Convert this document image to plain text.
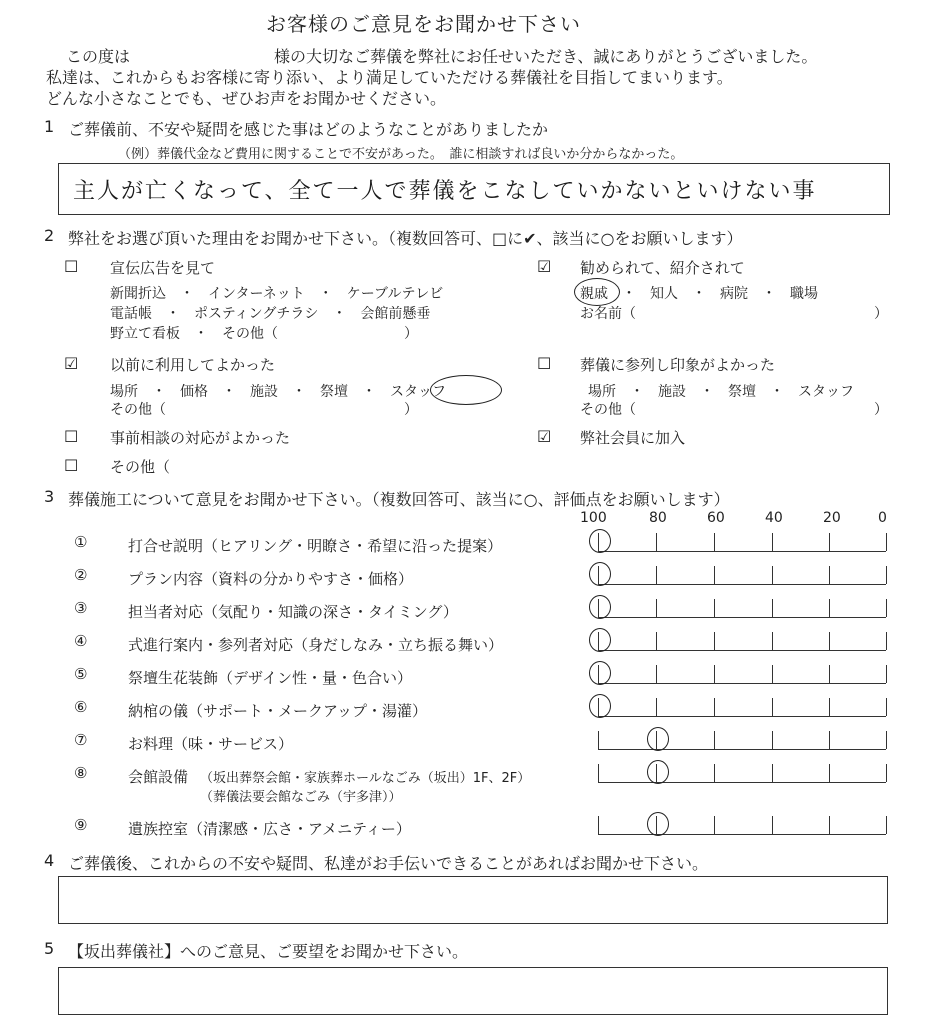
お客様のご意見をお聞かせ下さい
この度は　　　　　　　　　様の大切なご葬儀を弊社にお任せいただき、誠にありがとうございました。
私達は、これからもお客様に寄り添い、より満足していただける葬儀社を目指してまいります。
どんな小さなことでも、ぜひお声をお聞かせください。
1 ご葬儀前、不安や疑問を感じた事はどのようなことがありましたか
（例）葬儀代金など費用に関することで不安があった。　誰に相談すれば良いか分からなかった。
主人が亡くなって、全て一人で葬儀をこなしていかないといけない事
2 弊社をお選び頂いた理由をお聞かせ下さい。（複数回答可、□に✔、該当に○をお願いします）
☐ 宣伝広告を見て
新聞折込　・　インターネット　・　ケーブルテレビ
電話帳　・　ポスティングチラシ　・　会館前懸垂
野立て看板　・　その他（　　　　　　　　　）
☑ 以前に利用してよかった
場所　・　価格　・　施設　・　祭壇　・　スタッフ
その他（　　　　　　　　　　　　　　　　　）
☐ 事前相談の対応がよかった
☐ その他（
☑ 勧められて、紹介されて
親戚　・　知人　・　病院　・　職場
お名前（　　　　　　　　　　　　　　　　　）
☐ 葬儀に参列し印象がよかった
場所　・　施設　・　祭壇　・　スタッフ
その他（　　　　　　　　　　　　　　　　　）
☑ 弊社会員に加入
3 葬儀施工について意見をお聞かせ下さい。（複数回答可、該当に○、評価点をお願いします）
100	80	60	40	20	0
①	打合せ説明（ヒアリング・明瞭さ・希望に沿った提案）
②	プラン内容（資料の分かりやすさ・価格）
③	担当者対応（気配り・知識の深さ・タイミング）
④	式進行案内・参列者対応（身だしなみ・立ち振る舞い）
⑤	祭壇生花装飾（デザイン性・量・色合い）
⑥	納棺の儀（サポート・メークアップ・湯灌）
⑦	お料理（味・サービス）
⑧	会館設備 （坂出葬祭会館・家族葬ホールなごみ（坂出）1F、2F）
（葬儀法要会館なごみ（宇多津））
⑨	遺族控室（清潔感・広さ・アメニティー）
4 ご葬儀後、これからの不安や疑問、私達がお手伝いできることがあればお聞かせ下さい。
5 【坂出葬儀社】へのご意見、ご要望をお聞かせ下さい。
